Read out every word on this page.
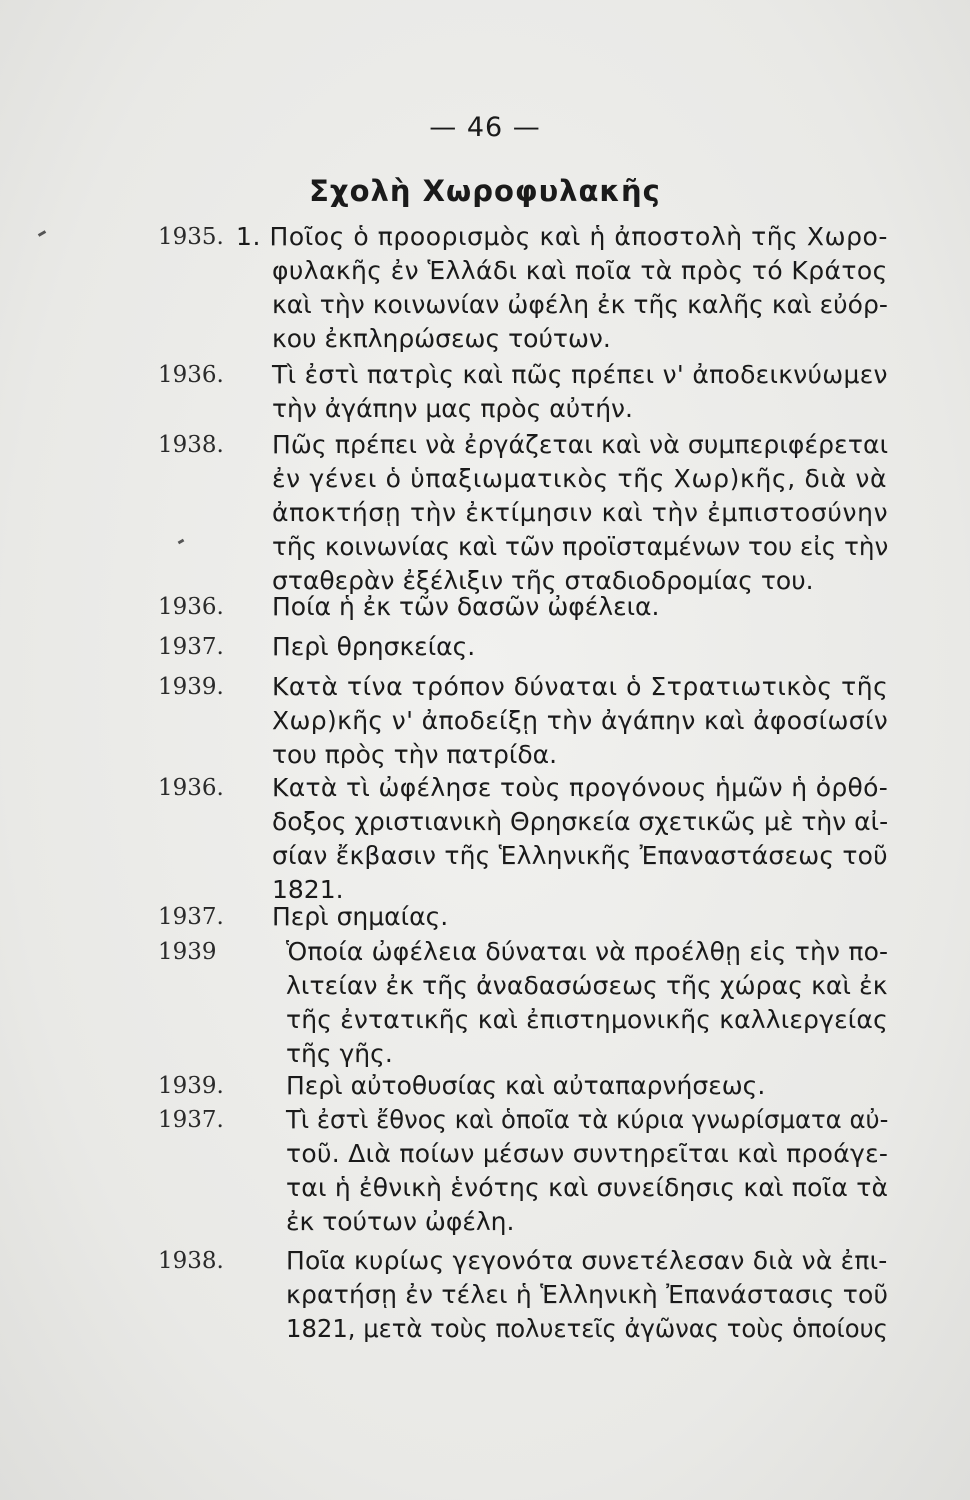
— 46 —
Σχολὴ Χωροφυλακῆς
1935. 1. Ποῖος ὁ προορισμὸς καὶ ἡ ἀποστολὴ τῆς Χωρο-
φυλακῆς ἐν Ἑλλάδι καὶ ποῖα τὰ πρὸς τό Κράτος
καὶ τὴν κοινωνίαν ὠφέλη ἐκ τῆς καλῆς καὶ εὐόρ-
κου ἐκπληρώσεως τούτων.
1936. Τὶ ἐστὶ πατρὶς καὶ πῶς πρέπει ν' ἀποδεικνύωμεν
τὴν ἀγάπην μας πρὸς αὐτήν.
1938. Πῶς πρέπει νὰ ἐργάζεται καὶ νὰ συμπεριφέρεται
ἐν γένει ὁ ὑπαξιωματικὸς τῆς Χωρ)κῆς, διὰ νὰ
ἀποκτήσῃ τὴν ἐκτίμησιν καὶ τὴν ἐμπιστοσύνην
τῆς κοινωνίας καὶ τῶν προϊσταμένων του εἰς τὴν
σταθερὰν ἐξέλιξιν τῆς σταδιοδρομίας του.
1936. Ποία ἡ ἐκ τῶν δασῶν ὠφέλεια.
1937. Περὶ θρησκείας.
1939. Κατὰ τίνα τρόπον δύναται ὁ Στρατιωτικὸς τῆς
Χωρ)κῆς ν' ἀποδείξῃ τὴν ἀγάπην καὶ ἀφοσίωσίν
του πρὸς τὴν πατρίδα.
1936. Κατὰ τὶ ὠφέλησε τοὺς προγόνους ἡμῶν ἡ ὀρθό-
δοξος χριστιανικὴ Θρησκεία σχετικῶς μὲ τὴν αἰ-
σίαν ἔκβασιν τῆς Ἑλληνικῆς Ἐπαναστάσεως τοῦ
1821.
1937. Περὶ σημαίας.
1939	Ὁποία ὠφέλεια δύναται νὰ προέλθῃ εἰς τὴν πο-
λιτείαν ἐκ τῆς ἀναδασώσεως τῆς χώρας καὶ ἐκ
τῆς ἐντατικῆς καὶ ἐπιστημονικῆς καλλιεργείας
τῆς γῆς.
1939. Περὶ αὐτοθυσίας καὶ αὐταπαρνήσεως.
1937. Τὶ ἐστὶ ἔθνος καὶ ὁποῖα τὰ κύρια γνωρίσματα αὐ-
τοῦ. Διὰ ποίων μέσων συντηρεῖται καὶ προάγε-
ται ἡ ἐθνικὴ ἑνότης καὶ συνείδησις καὶ ποῖα τὰ
ἐκ τούτων ὠφέλη.
1938. Ποῖα κυρίως γεγονότα συνετέλεσαν διὰ νὰ ἐπι-
κρατήσῃ ἐν τέλει ἡ Ἑλληνικὴ Ἐπανάστασις τοῦ
1821, μετὰ τοὺς πολυετεῖς ἀγῶνας τοὺς ὁποίους
